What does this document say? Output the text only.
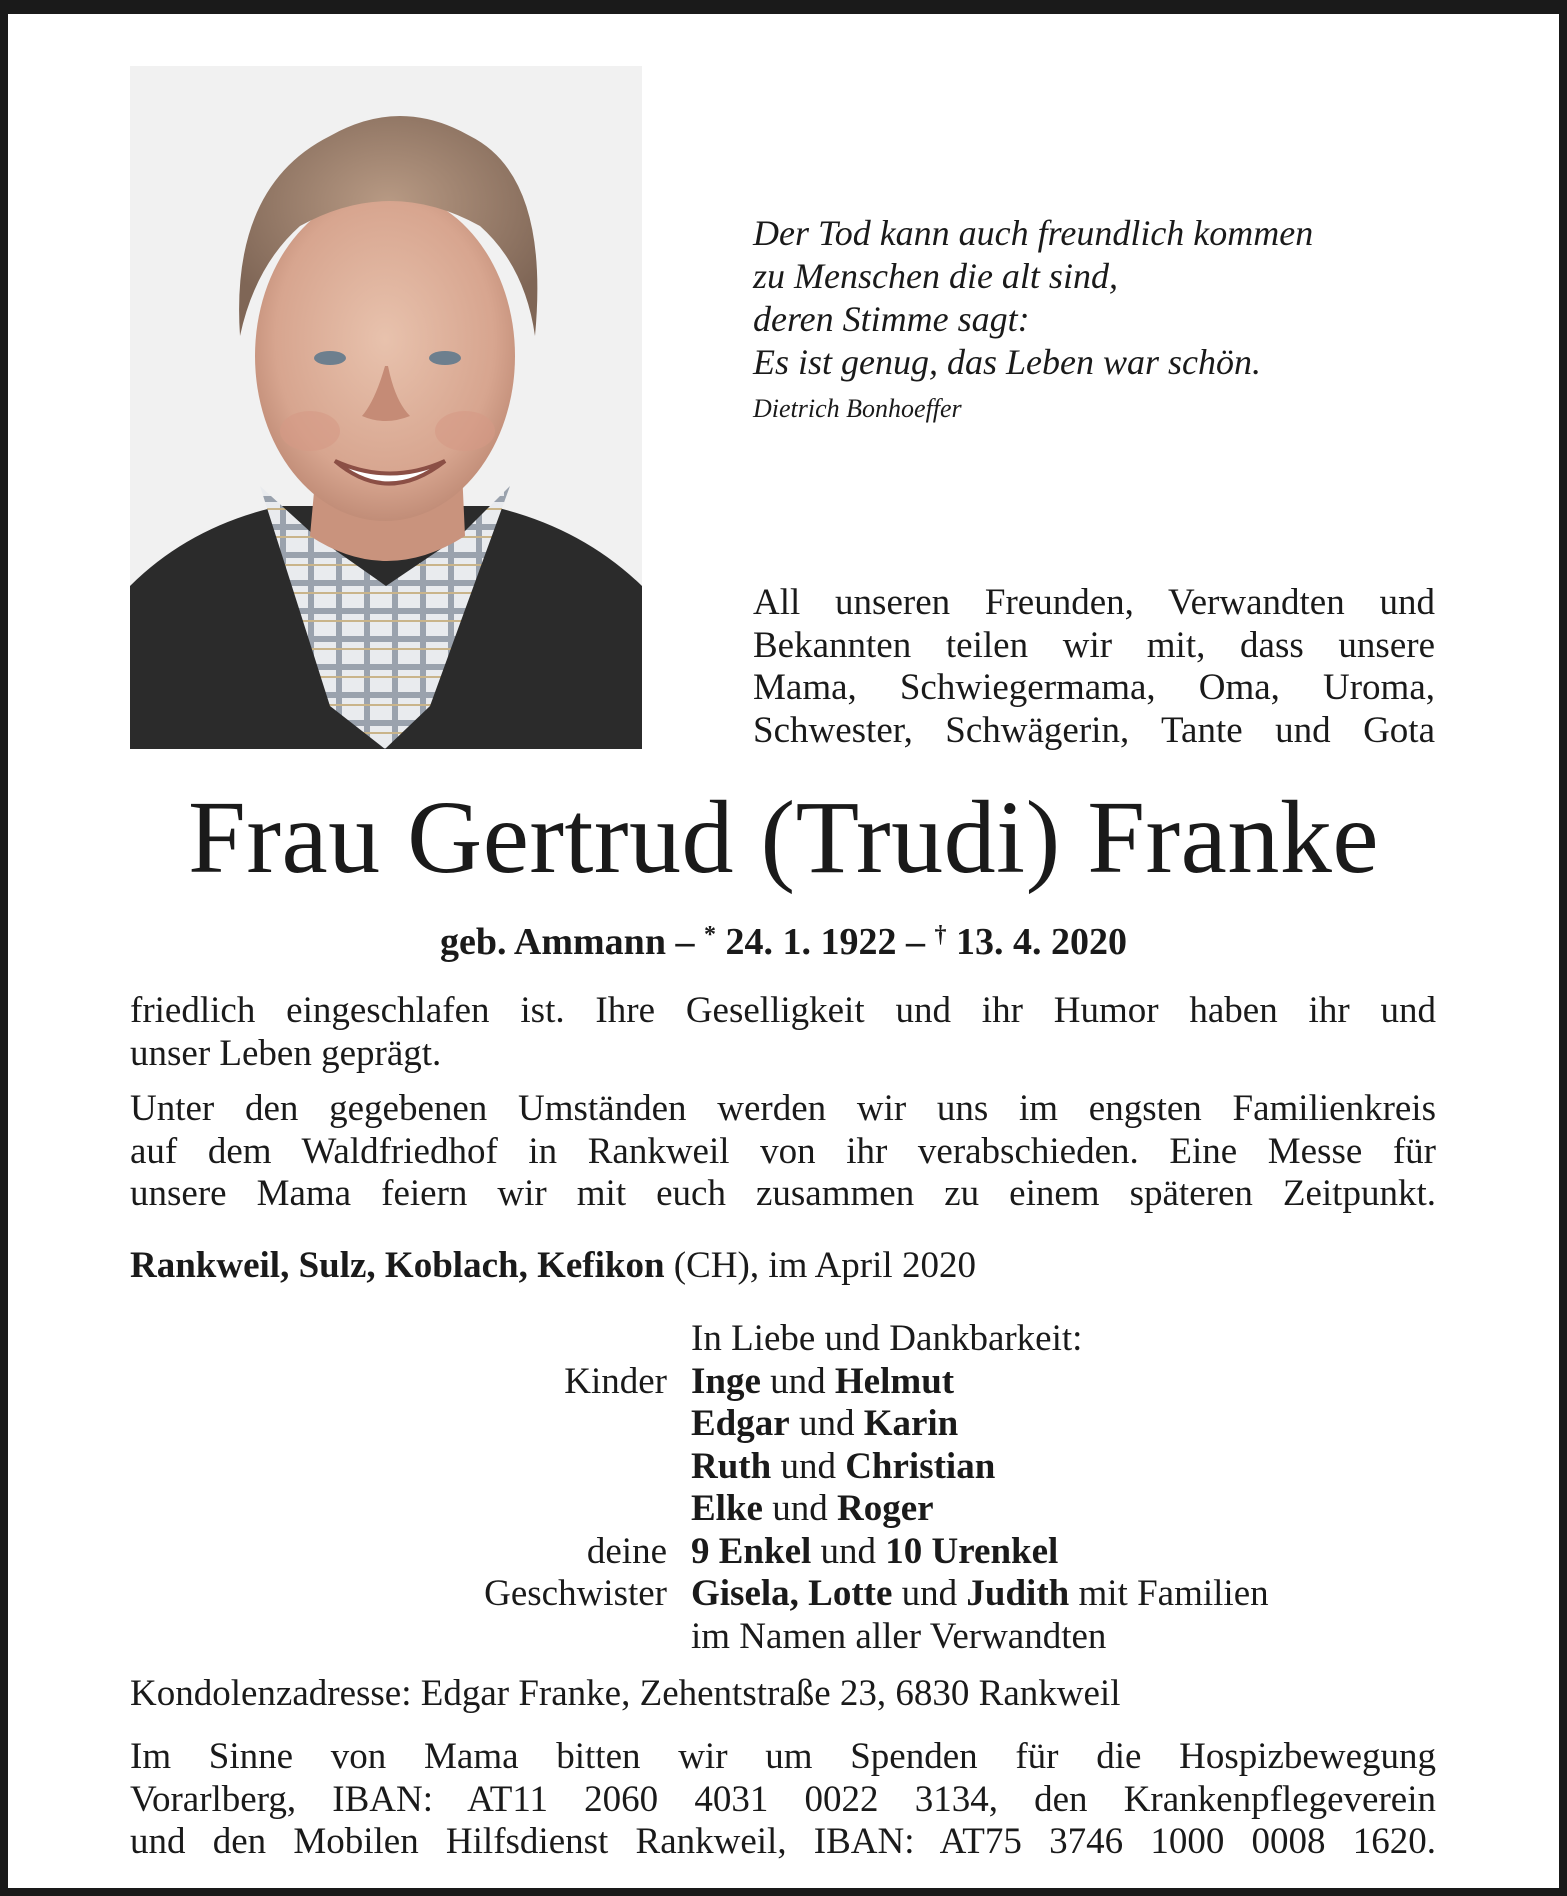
Der Tod kann auch freundlich kommen
zu Menschen die alt sind,
deren Stimme sagt:
Es ist genug, das Leben war schön.
Dietrich Bonhoeffer
All unseren Freunden, Verwandten und
Bekannten teilen wir mit, dass unsere
Mama, Schwiegermama, Oma, Uroma,
Schwester, Schwägerin, Tante und Gota
Frau Gertrud (Trudi) Franke
geb. Ammann – * 24. 1. 1922 – † 13. 4. 2020
friedlich eingeschlafen ist. Ihre Geselligkeit und ihr Humor haben ihr und
unser Leben geprägt.
Unter den gegebenen Umständen werden wir uns im engsten Familienkreis
auf dem Waldfriedhof in Rankweil von ihr verabschieden. Eine Messe für
unsere Mama feiern wir mit euch zusammen zu einem späteren Zeitpunkt.
Rankweil, Sulz, Koblach, Kefikon (CH), im April 2020
In Liebe und Dankbarkeit:
Kinder Inge und Helmut
Edgar und Karin
Ruth und Christian
Elke und Roger
deine 9 Enkel und 10 Urenkel
Geschwister Gisela, Lotte und Judith mit Familien
im Namen aller Verwandten
Kondolenzadresse: Edgar Franke, Zehentstraße 23, 6830 Rankweil
Im Sinne von Mama bitten wir um Spenden für die Hospizbewegung
Vorarlberg, IBAN: AT11 2060 4031 0022 3134, den Krankenpflegeverein
und den Mobilen Hilfsdienst Rankweil, IBAN: AT75 3746 1000 0008 1620.
